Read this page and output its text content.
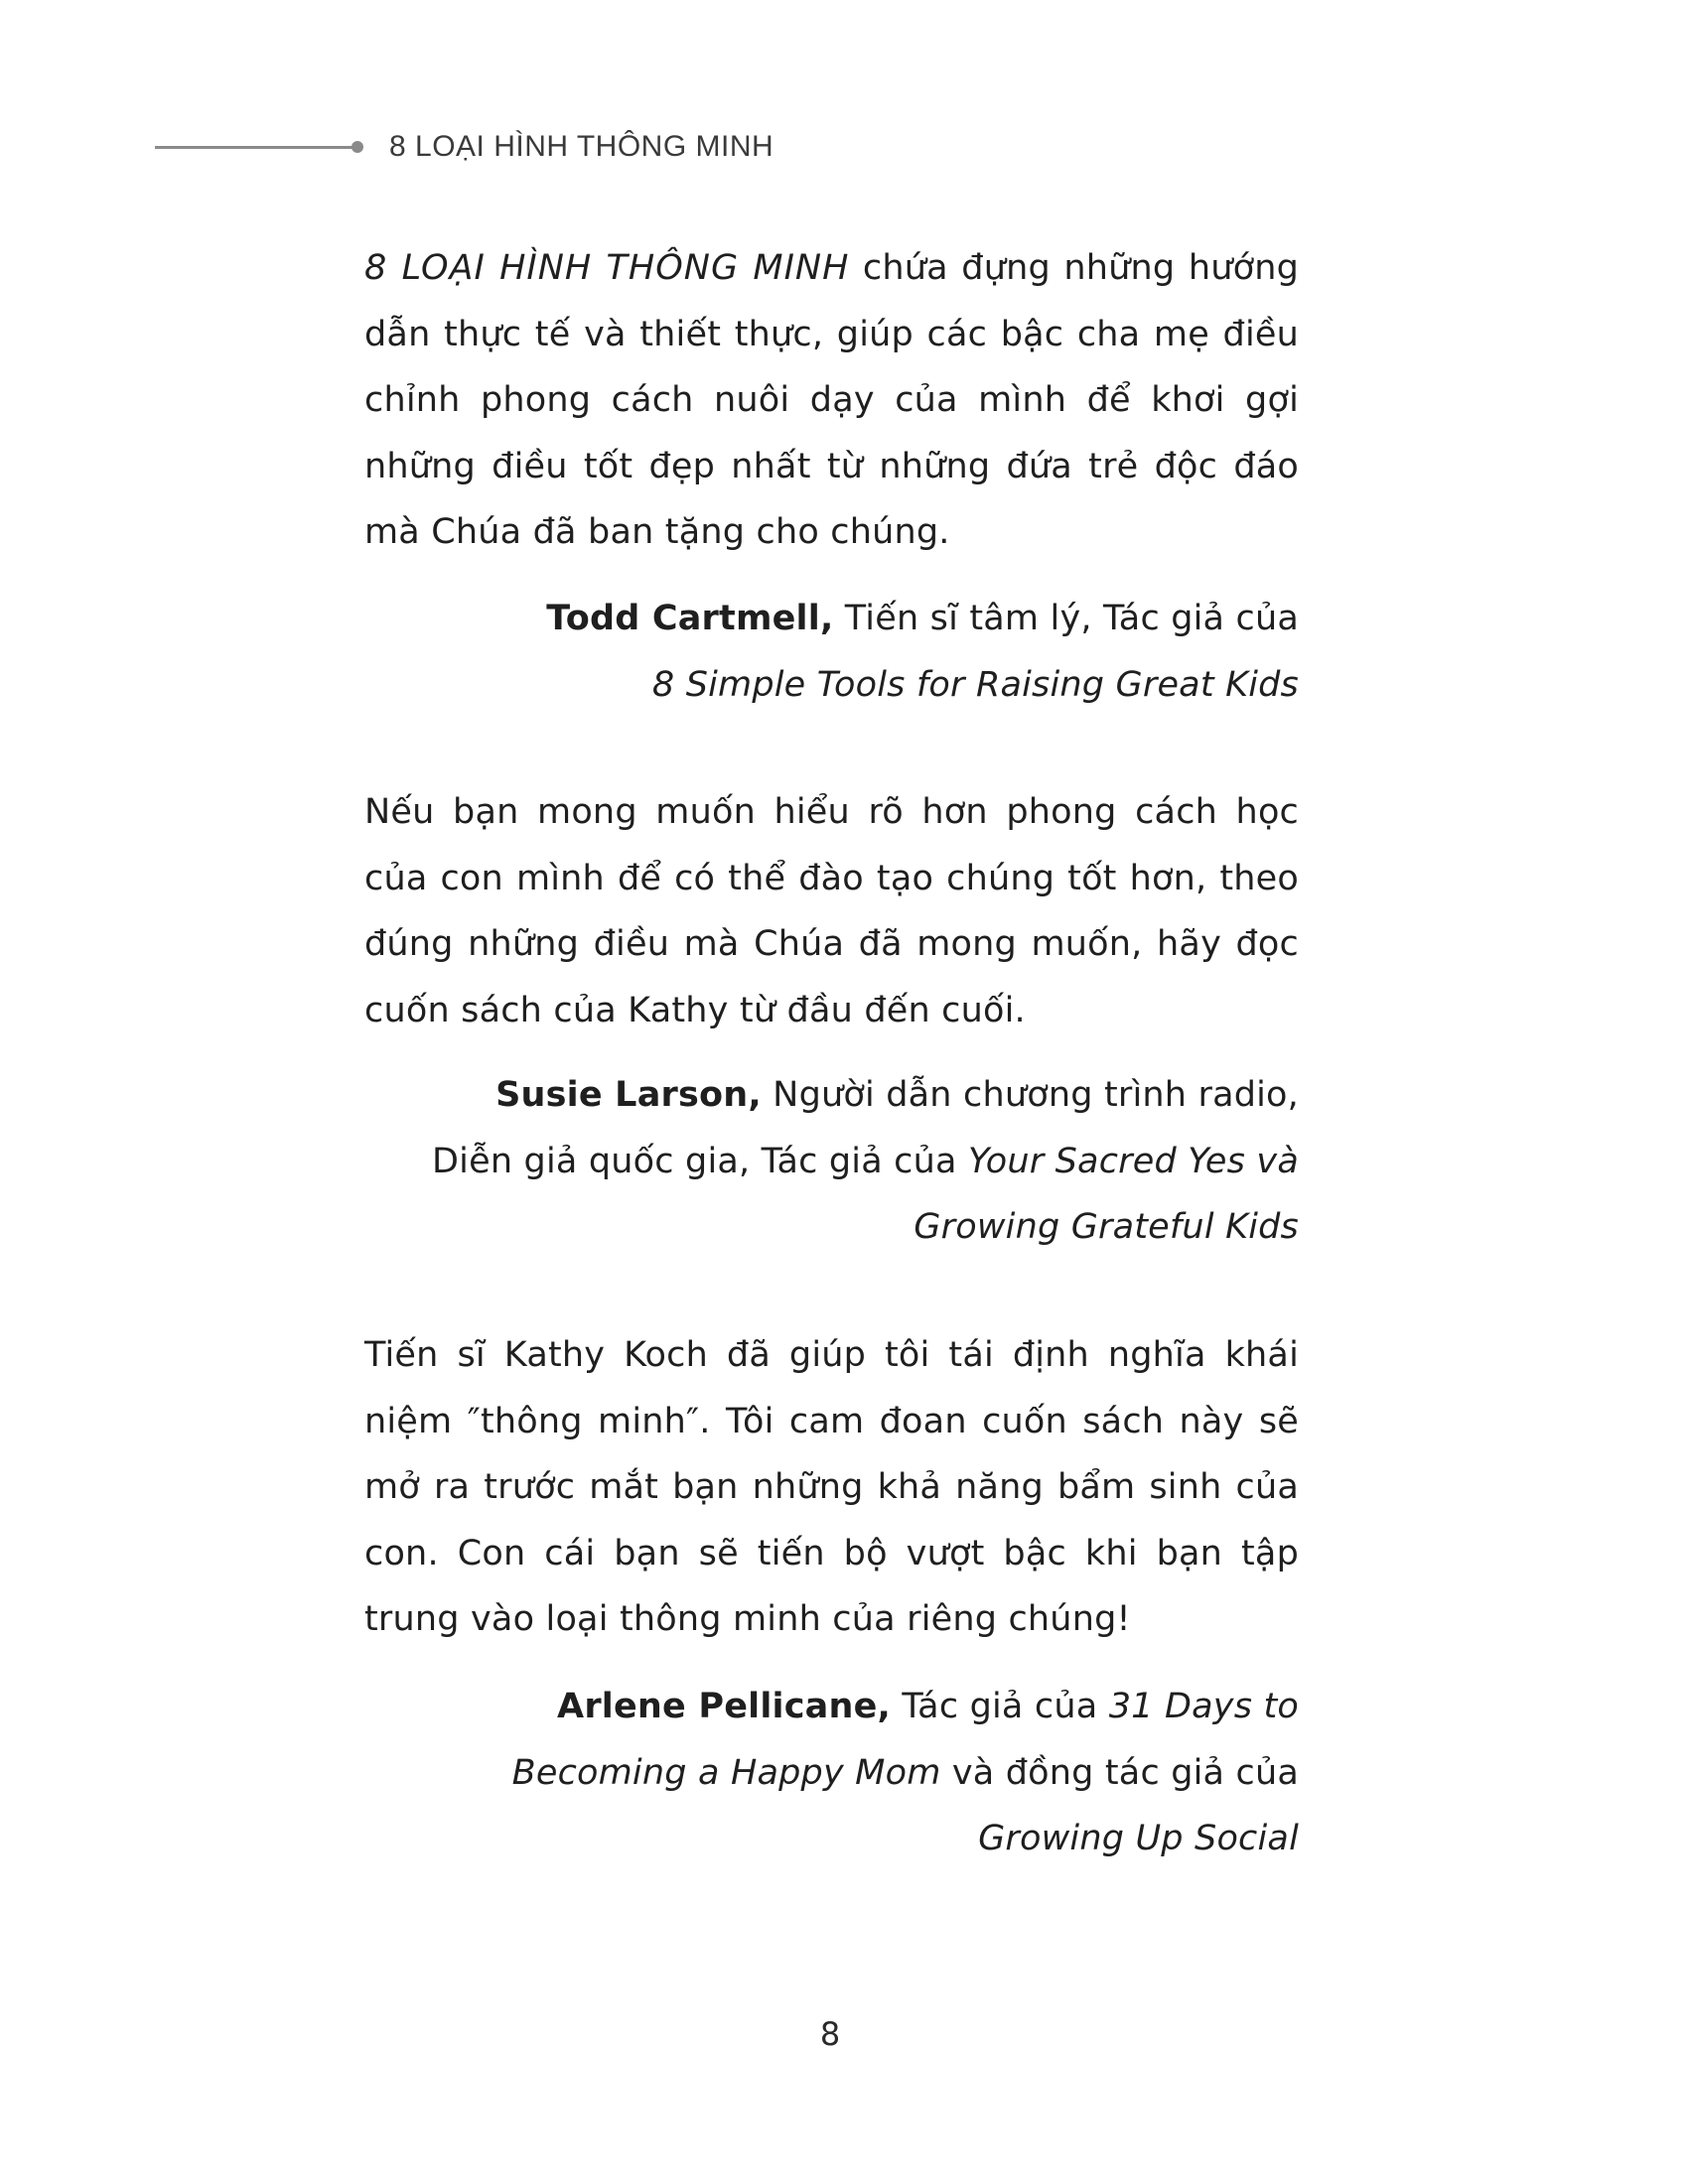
8 LOẠI HÌNH THÔNG MINH

8 LOẠI HÌNH THÔNG MINH chứa đựng những hướng dẫn thực tế và thiết thực, giúp các bậc cha mẹ điều chỉnh phong cách nuôi dạy của mình để khơi gợi những điều tốt đẹp nhất từ những đứa trẻ độc đáo mà Chúa đã ban tặng cho chúng.

Todd Cartmell, Tiến sĩ tâm lý, Tác giả của
8 Simple Tools for Raising Great Kids

Nếu bạn mong muốn hiểu rõ hơn phong cách học của con mình để có thể đào tạo chúng tốt hơn, theo đúng những điều mà Chúa đã mong muốn, hãy đọc cuốn sách của Kathy từ đầu đến cuối.

Susie Larson, Người dẫn chương trình radio,
Diễn giả quốc gia, Tác giả của Your Sacred Yes và
Growing Grateful Kids

Tiến sĩ Kathy Koch đã giúp tôi tái định nghĩa khái niệm ″thông minh″. Tôi cam đoan cuốn sách này sẽ mở ra trước mắt bạn những khả năng bẩm sinh của con. Con cái bạn sẽ tiến bộ vượt bậc khi bạn tập trung vào loại thông minh của riêng chúng!

Arlene Pellicane, Tác giả của 31 Days to
Becoming a Happy Mom và đồng tác giả của
Growing Up Social

8
